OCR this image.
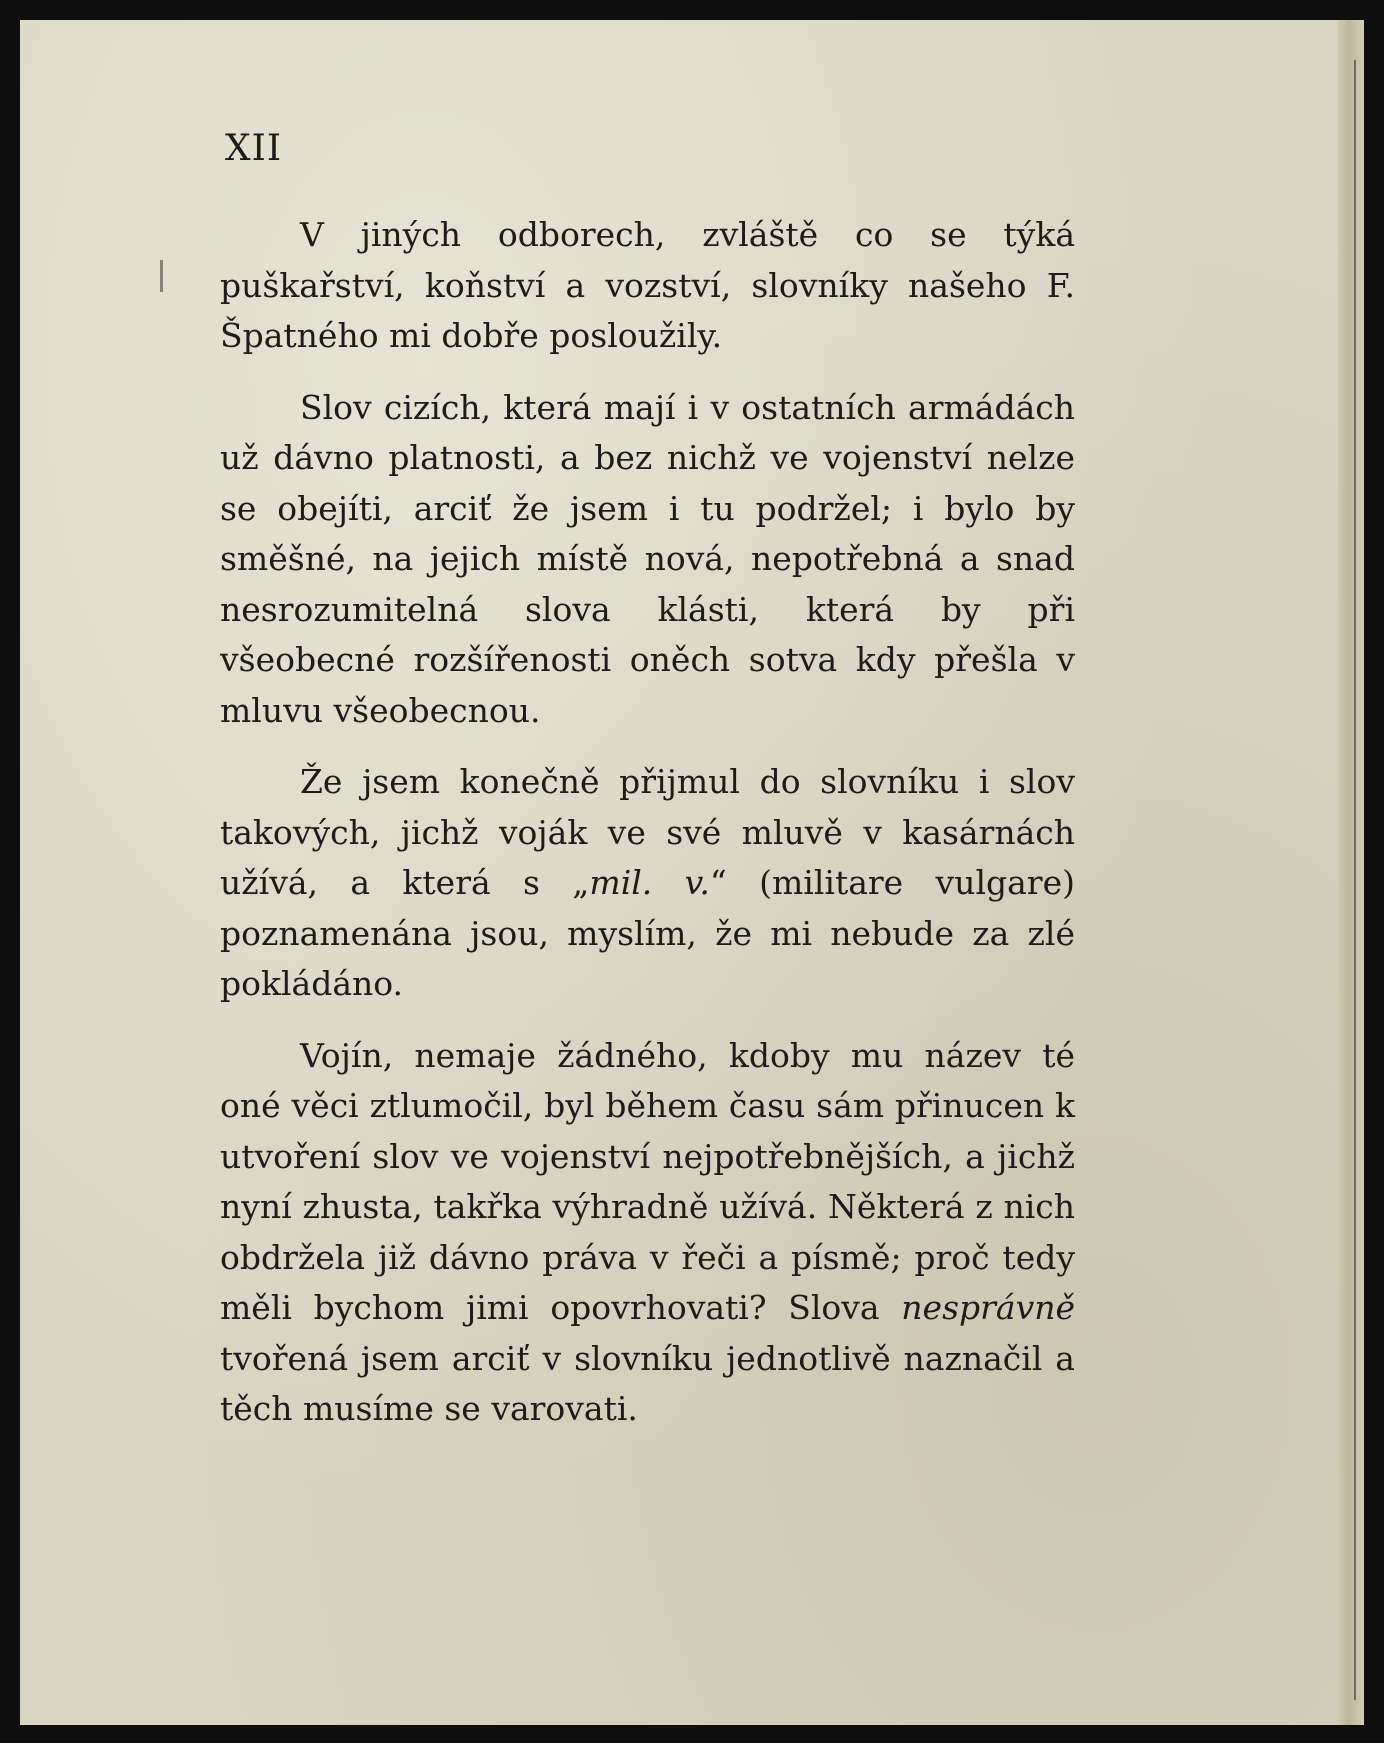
XII

V jiných odborech, zvláště co se týká puškařství, koňství a vozství, slovníky našeho F. Špatného mi dobře posloužily.

Slov cizích, která mají i v ostatních armádách už dávno platnosti, a bez nichž ve vojenství nelze se obejíti, arciť že jsem i tu podržel; i bylo by směšné, na jejich místě nová, nepotřebná a snad nesrozumitelná slova klásti, která by při všeobecné rozšířenosti oněch sotva kdy přešla v mluvu všeobecnou.

Že jsem konečně přijmul do slovníku i slov takových, jichž voják ve své mluvě v kasárnách užívá, a která s „mil. v.“ (militare vulgare) poznamenána jsou, myslím, že mi nebude za zlé pokládáno.

Vojín, nemaje žádného, kdoby mu název té oné věci ztlumočil, byl během času sám přinucen k utvoření slov ve vojenství nejpotřebnějších, a jichž nyní zhusta, takřka výhradně užívá. Některá z nich obdržela již dávno práva v řeči a písmě; proč tedy měli bychom jimi opovrhovati? Slova nesprávně tvořená jsem arciť v slovníku jednotlivě naznačil a těch musíme se varovati.
